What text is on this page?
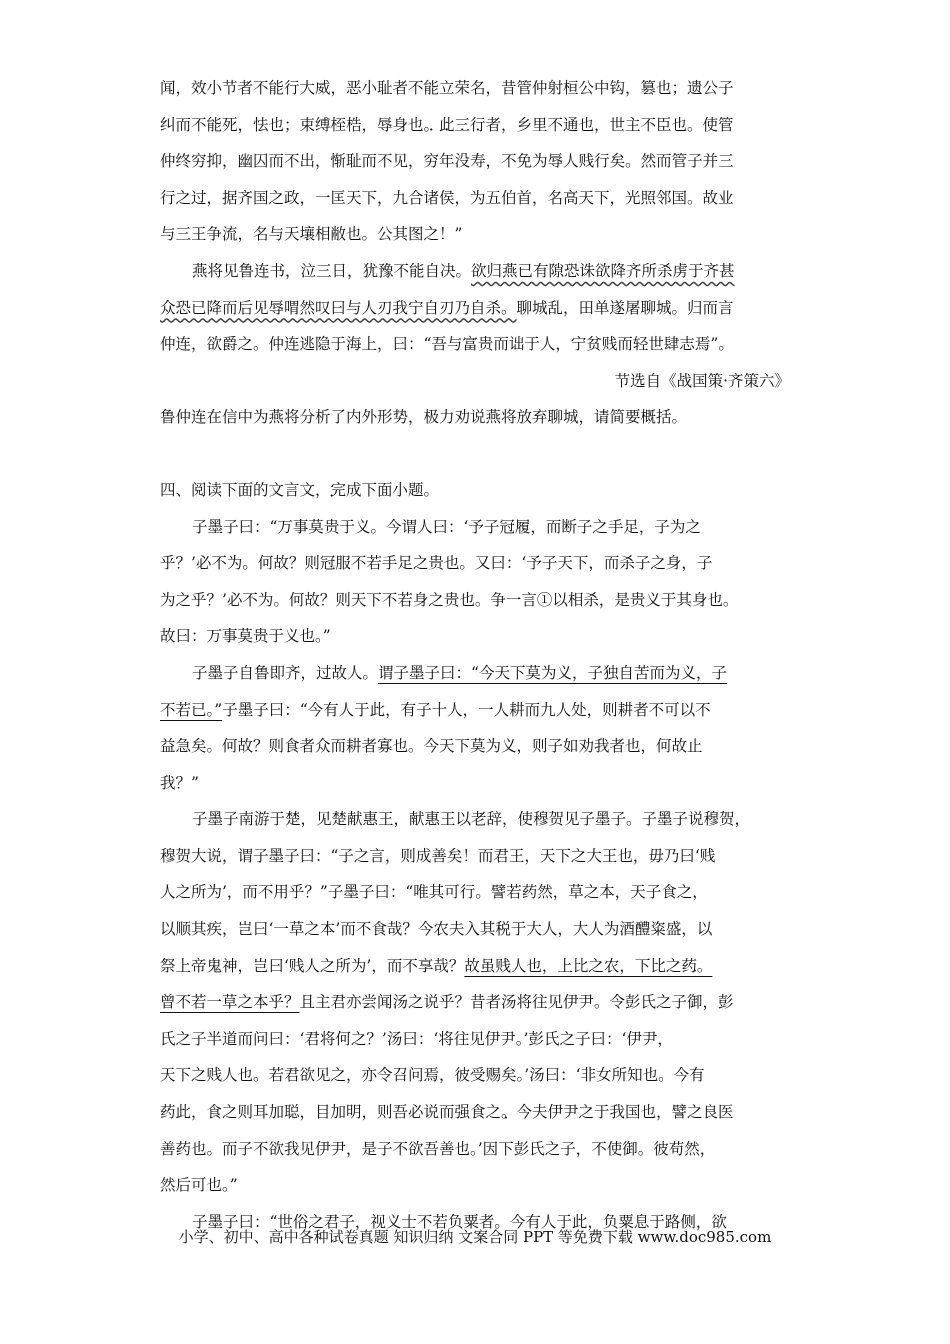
闻，效小节者不能行大威，恶小耻者不能立荣名，昔管仲射桓公中钩，篡也；遗公子
纠而不能死，怯也；束缚桎梏，辱身也。此三行者，乡里不通也，世主不臣也。使管
仲终穷抑，幽囚而不出，惭耻而不见，穷年没寿，不免为辱人贱行矣。然而管子并三
行之过，据齐国之政，一匡天下，九合诸侯，为五伯首，名高天下，光照邻国。故业
与三王争流，名与天壤相敝也。公其图之！”
燕将见鲁连书，泣三日，犹豫不能自决。欲归燕已有隙恐诛欲降齐所杀虏于齐甚
众恐已降而后见辱喟然叹曰与人刃我宁自刃乃自杀。聊城乱，田单遂屠聊城。归而言
仲连，欲爵之。仲连逃隐于海上，曰：“吾与富贵而诎于人，宁贫贱而轻世肆志焉”。
节选自《战国策·齐策六》
鲁仲连在信中为燕将分析了内外形势，极力劝说燕将放弃聊城，请简要概括。
四、阅读下面的文言文，完成下面小题。
子墨子曰：“万事莫贵于义。今谓人曰：‘予子冠履，而断子之手足，子为之
乎？’必不为。何故？则冠服不若手足之贵也。又曰：‘予子天下，而杀子之身，子
为之乎？’必不为。何故？则天下不若身之贵也。争一言①以相杀，是贵义于其身也。
故曰：万事莫贵于义也。”
子墨子自鲁即齐，过故人。谓子墨子曰：“今天下莫为义，子独自苦而为义，子
不若已。”子墨子曰：“今有人于此，有子十人，一人耕而九人处，则耕者不可以不
益急矣。何故？则食者众而耕者寡也。今天下莫为义，则子如劝我者也，何故止
我？”
子墨子南游于楚，见楚献惠王，献惠王以老辞，使穆贺见子墨子。子墨子说穆贺，
穆贺大说，谓子墨子曰：“子之言，则成善矣！而君王，天下之大王也，毋乃曰‘贱
人之所为’，而不用乎？”子墨子曰：“唯其可行。譬若药然，草之本，天子食之，
以顺其疾，岂曰‘一草之本’而不食哉？今农夫入其税于大人，大人为酒醴粢盛，以
祭上帝鬼神，岂曰‘贱人之所为’，而不享哉？故虽贱人也，上比之农，下比之药。
曾不若一草之本乎？且主君亦尝闻汤之说乎？昔者汤将往见伊尹。令彭氏之子御，彭
氏之子半道而问曰：‘君将何之？’汤曰：‘将往见伊尹。’彭氏之子曰：‘伊尹，
天下之贱人也。若君欲见之，亦令召问焉，彼受赐矣。’汤曰：‘非女所知也。今有
药此，食之则耳加聪，目加明，则吾必说而强食之。今夫伊尹之于我国也，譬之良医
善药也。而子不欲我见伊尹，是子不欲吾善也。’因下彭氏之子，不使御。彼苟然，
然后可也。”
子墨子曰：“世俗之君子，视义士不若负粟者。今有人于此，负粟息于路侧，欲
小学、初中、高中各种试卷真题 知识归纳 文案合同 PPT 等免费下载 www.doc985.com
